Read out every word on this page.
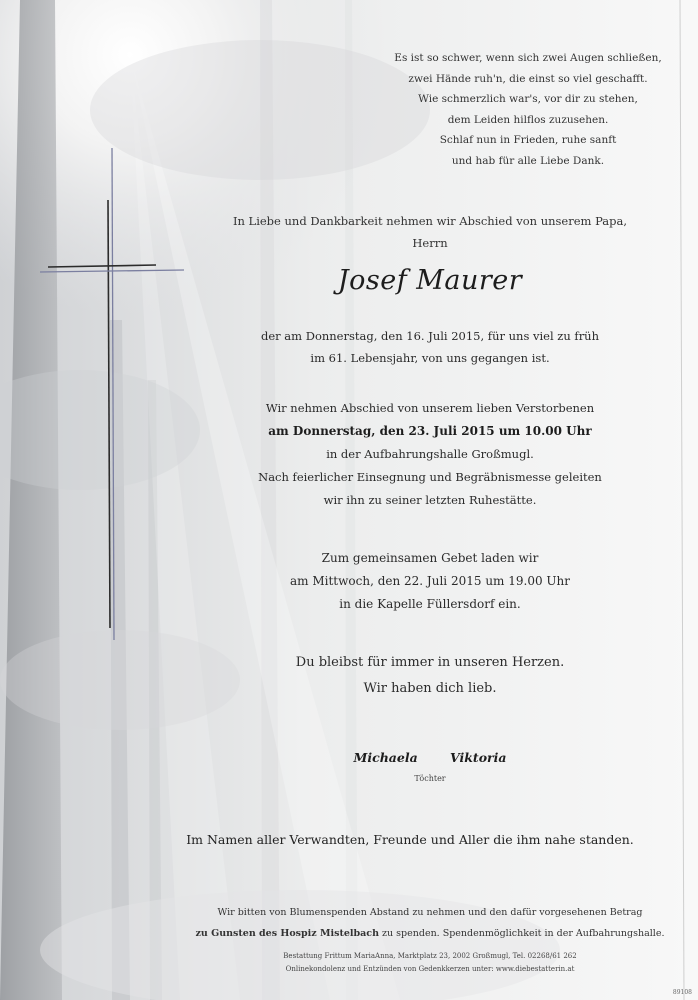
Es ist so schwer, wenn sich zwei Augen schließen,
zwei Hände ruh'n, die einst so viel geschafft.
Wie schmerzlich war's, vor dir zu stehen,
dem Leiden hilflos zuzusehen.
Schlaf nun in Frieden, ruhe sanft
und hab für alle Liebe Dank.
In Liebe und Dankbarkeit nehmen wir Abschied von unserem Papa,
Herrn
Josef Maurer
der am Donnerstag, den 16. Juli 2015, für uns viel zu früh
im 61. Lebensjahr, von uns gegangen ist.
Wir nehmen Abschied von unserem lieben Verstorbenen
am Donnerstag, den 23. Juli 2015 um 10.00 Uhr
in der Aufbahrungshalle Großmugl.
Nach feierlicher Einsegnung und Begräbnismesse geleiten
wir ihn zu seiner letzten Ruhestätte.
Zum gemeinsamen Gebet laden wir
am Mittwoch, den 22. Juli 2015 um 19.00 Uhr
in die Kapelle Füllersdorf ein.
Du bleibst für immer in unseren Herzen.
Wir haben dich lieb.
Michaela	Viktoria
Töchter
Im Namen aller Verwandten, Freunde und Aller die ihm nahe standen.
Wir bitten von Blumenspenden Abstand zu nehmen und den dafür vorgesehenen Betrag
zu Gunsten des Hospiz Mistelbach zu spenden. Spendenmöglichkeit in der Aufbahrungshalle.
Bestattung Frittum MariaAnna, Marktplatz 23, 2002 Großmugl, Tel. 02268/61 262
Onlinekondolenz und Entzünden von Gedenkkerzen unter: www.diebestatterin.at
89108
